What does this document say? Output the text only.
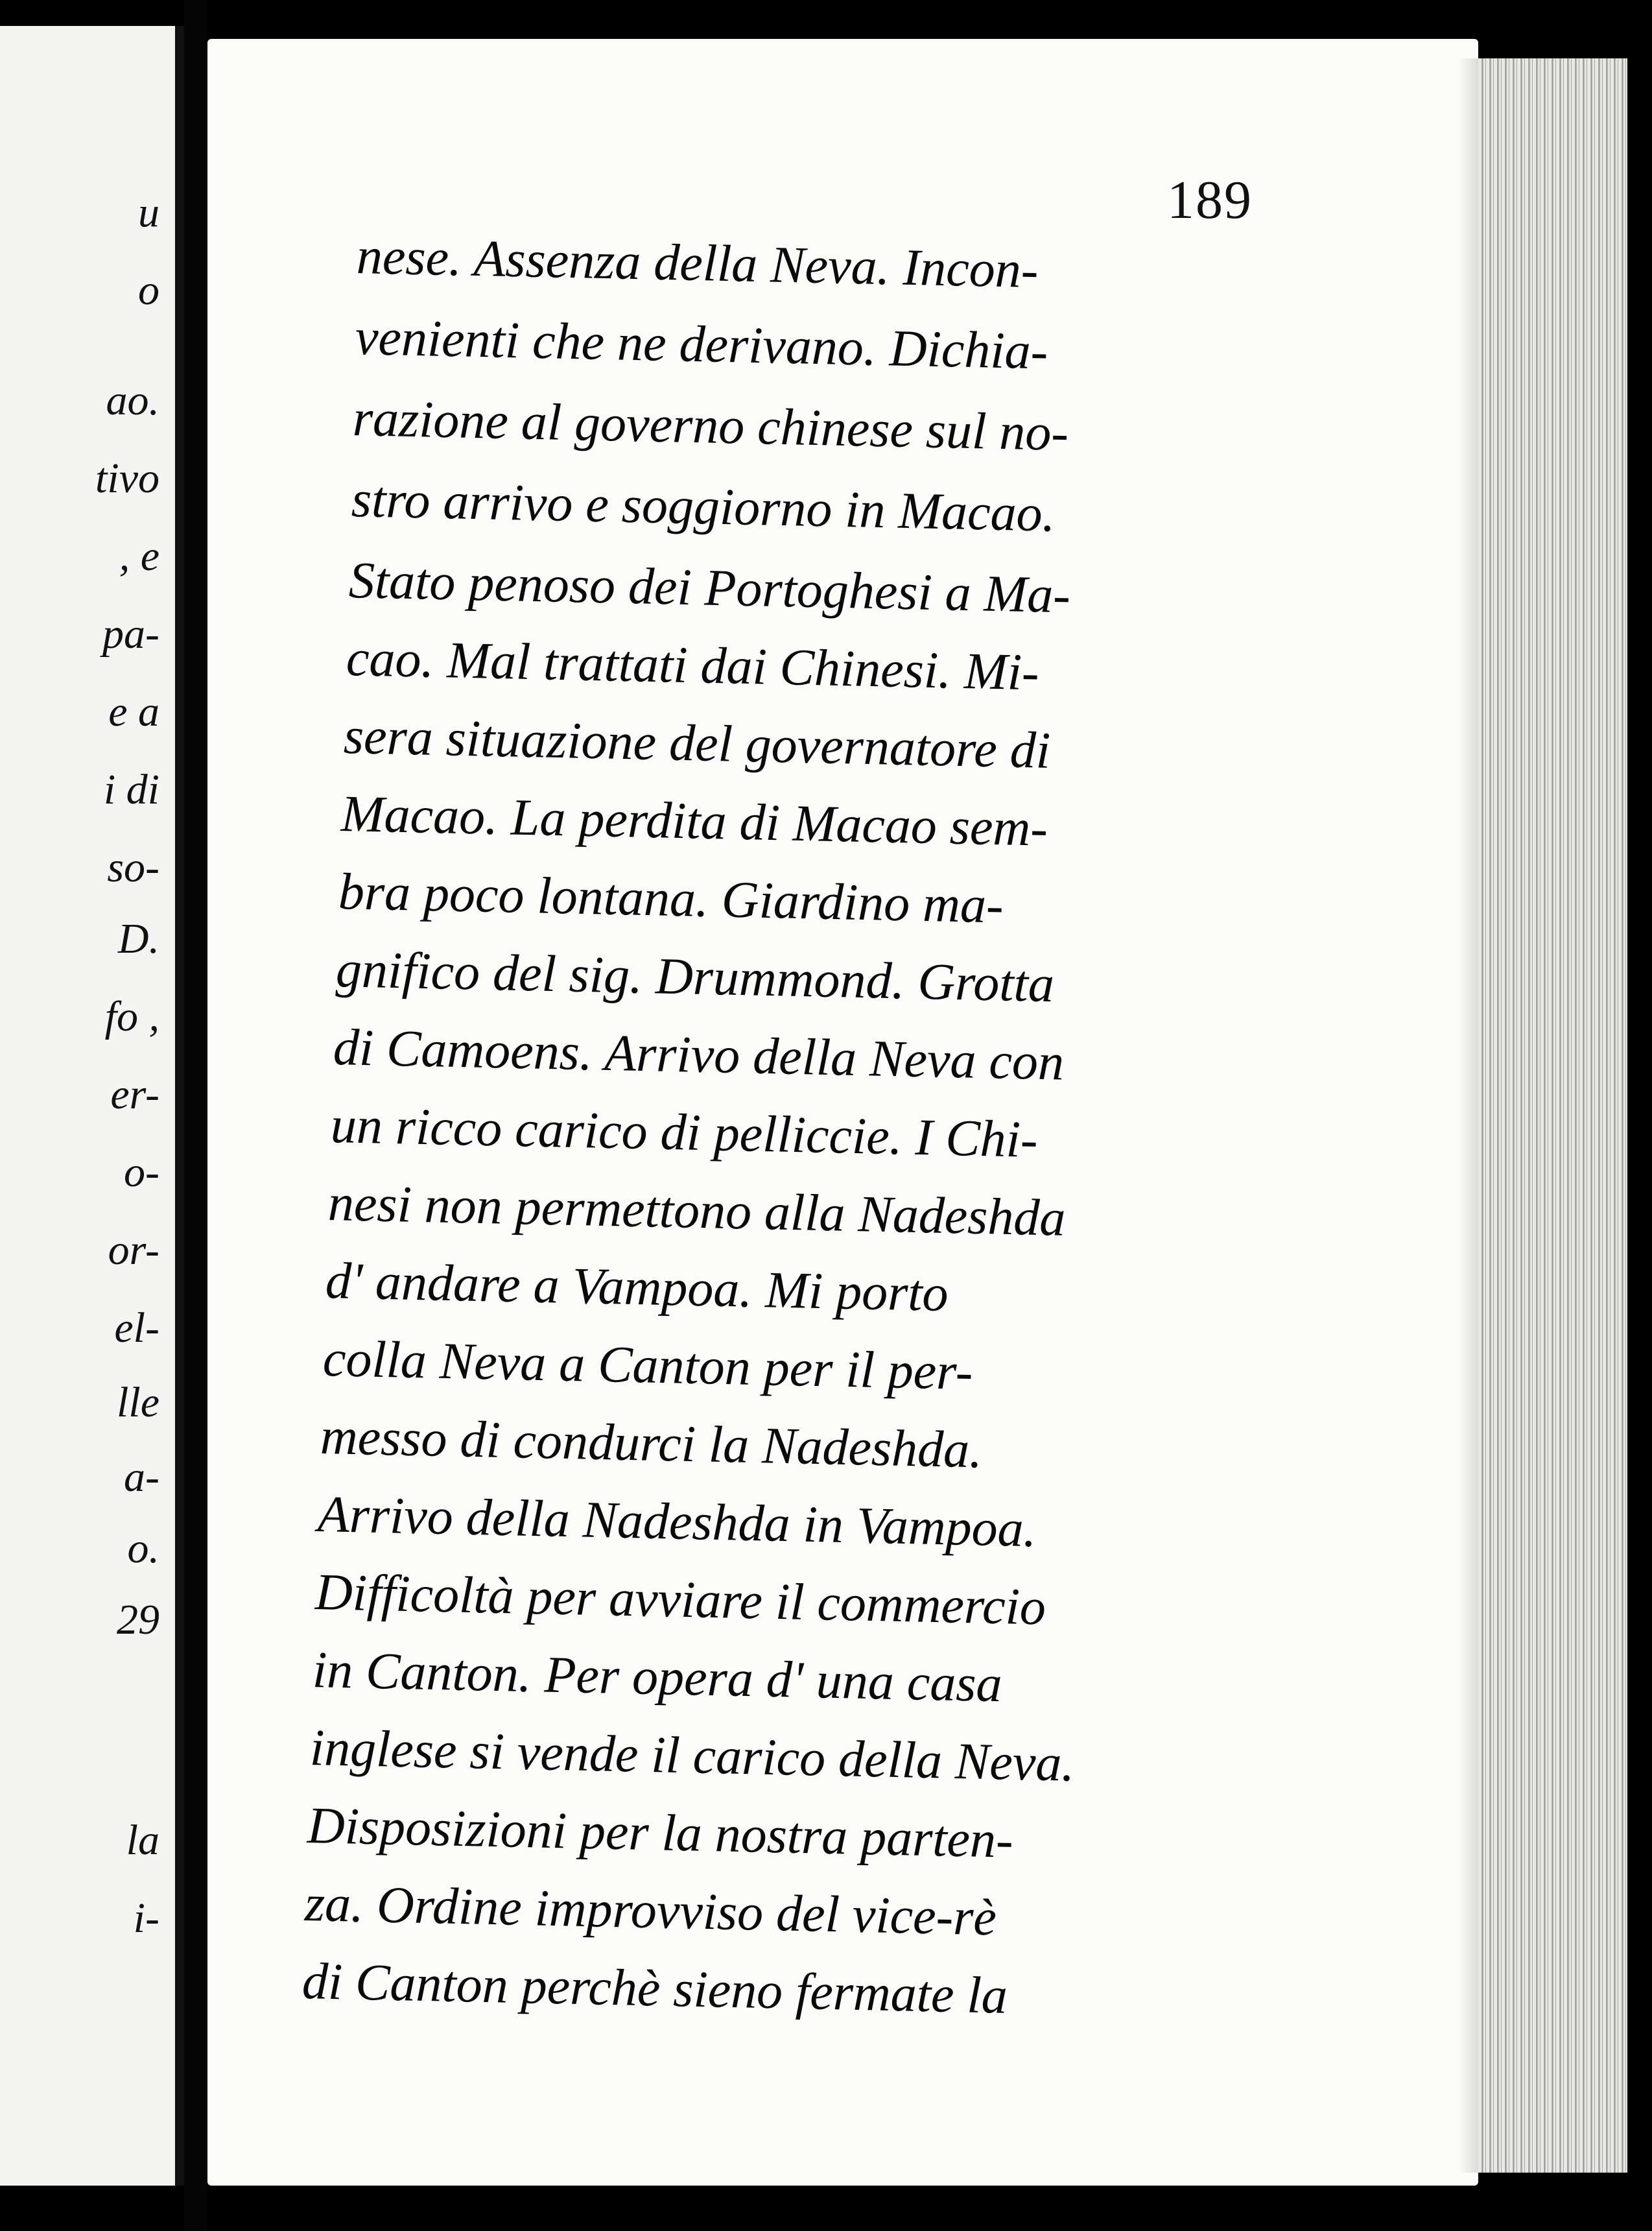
u
o
ao.
tivo
, e
pa-
e a
i di
so-
D.
fo ,
er-
o-
or-
el-
lle
a-
o.
29
la
i-
189
nese. Assenza della Neva. Incon-
venienti che ne derivano. Dichia-
razione al governo chinese sul no-
stro arrivo e soggiorno in Macao.
Stato penoso dei Portoghesi a Ma-
cao. Mal trattati dai Chinesi. Mi-
sera situazione del governatore di
Macao. La perdita di Macao sem-
bra poco lontana. Giardino ma-
gnifico del sig. Drummond. Grotta
di Camoens. Arrivo della Neva con
un ricco carico di pelliccie. I Chi-
nesi non permettono alla Nadeshda
d' andare a Vampoa. Mi porto
colla Neva a Canton per il per-
messo di condurci la Nadeshda.
Arrivo della Nadeshda in Vampoa.
Difficoltà per avviare il commercio
in Canton. Per opera d' una casa
inglese si vende il carico della Neva.
Disposizioni per la nostra parten-
za. Ordine improvviso del vice-rè
di Canton perchè sieno fermate la
